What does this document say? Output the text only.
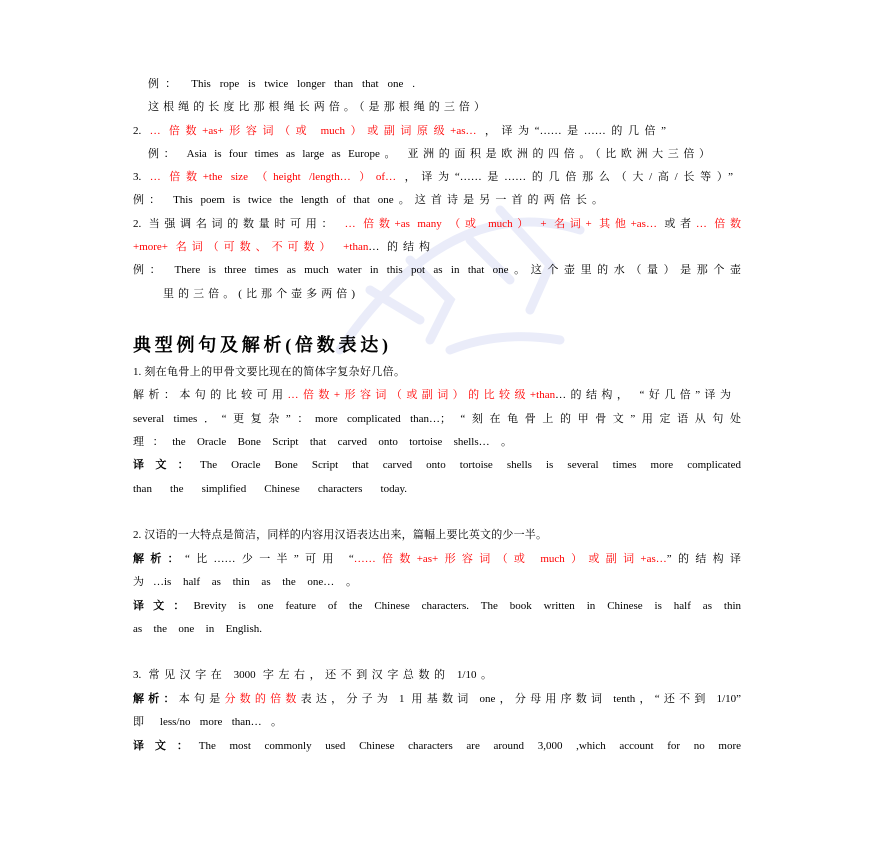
例： This rope is twice longer than that one .
这根绳的长度比那根绳长两倍。（是那根绳的三倍）
2. … 倍数+as+形容词（或 much）或副词原级+as… ，译为“……是……的几倍”
例： Asia is four times as large as Europe。 亚洲的面积是欧洲的四倍。（比欧洲大三倍）
3. … 倍数+the size （height /length… ）of… ，译为“……是……的几倍那么（大/高/长等）”
例： This poem is twice the length of that one。这首诗是另一首的两倍长。
2. 当强调名词的数量时可用： … 倍数+as many （或 much） + 名词+ 其他+as… 或者… 倍数
+more+ 名词（可数、不可数） +than… 的结构
例： There is three times as much water in this pot as in that one。这个壶里的水（量）是那个壶
里的三倍。(比那个壶多两倍)
典型例句及解析(倍数表达)
1. 刻在龟骨上的甲骨文要比现在的简体字复杂好几倍。
解析：本句的比较可用…倍数+形容词（或副词）的比较级+than…的结构， “好几倍”译为
several times．“更复杂”：more complicated than…； “刻在龟骨上的甲骨文”用定语从句处
理：the Oracle Bone Script that carved onto tortoise shells… 。
译文：The Oracle Bone Script that carved onto tortoise shells is several times more complicated
than the simplified Chinese characters today.
2. 汉语的一大特点是简洁，同样的内容用汉语表达出来，篇幅上要比英文的少一半。
解析：“比……少一半”可用 “……倍数+as+形容词（或 much）或副词+as…”的结构译
为…is half as thin as the one… 。
译文：Brevity is one feature of the Chinese characters. The book written in Chinese is half as thin
as the one in English.
3. 常见汉字在 3000 字左右，还不到汉字总数的 1/10。
解析：本句是分数的倍数表达，分子为 1 用基数词 one，分母用序数词 tenth，“还不到 1/10”
即 less/no more than… 。
译文：The most commonly used Chinese characters are around 3,000 ,which account for no more
